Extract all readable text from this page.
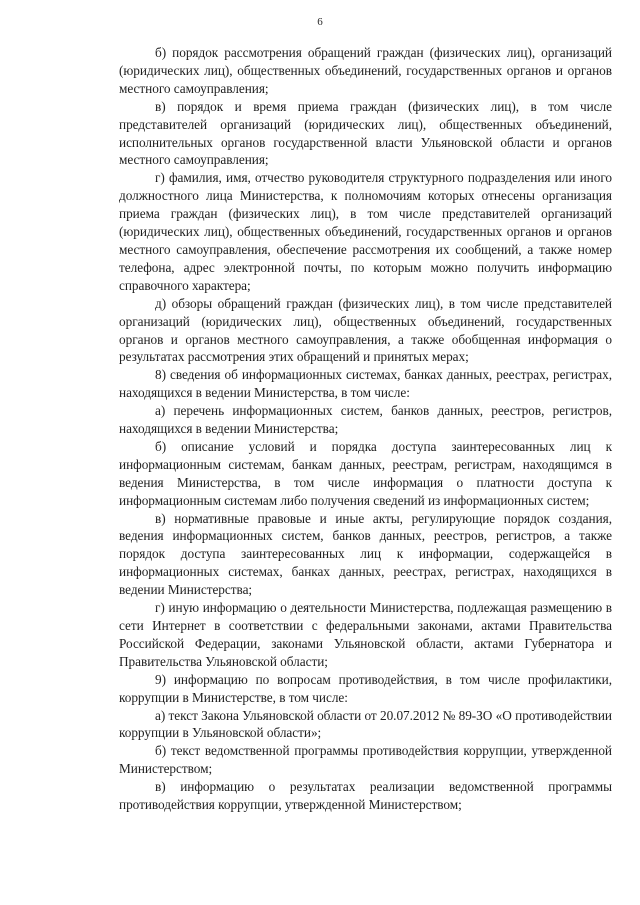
6

б) порядок рассмотрения обращений граждан (физических лиц), организаций (юридических лиц), общественных объединений, государственных органов и органов местного самоуправления;

в) порядок и время приема граждан (физических лиц), в том числе представителей организаций (юридических лиц), общественных объединений, исполнительных органов государственной власти Ульяновской области и органов местного самоуправления;

г) фамилия, имя, отчество руководителя структурного подразделения или иного должностного лица Министерства, к полномочиям которых отнесены организация приема граждан (физических лиц), в том числе представителей организаций (юридических лиц), общественных объединений, государственных органов и органов местного самоуправления, обеспечение рассмотрения их сообщений, а также номер телефона, адрес электронной почты, по которым можно получить информацию справочного характера;

д) обзоры обращений граждан (физических лиц), в том числе представителей организаций (юридических лиц), общественных объединений, государственных органов и органов местного самоуправления, а также обобщенная информация о результатах рассмотрения этих обращений и принятых мерах;

8) сведения об информационных системах, банках данных, реестрах, регистрах, находящихся в ведении Министерства, в том числе:

а) перечень информационных систем, банков данных, реестров, регистров, находящихся в ведении Министерства;

б) описание условий и порядка доступа заинтересованных лиц к информационным системам, банкам данных, реестрам, регистрам, находящимся в ведения Министерства, в том числе информация о платности доступа к информационным системам либо получения сведений из информационных систем;

в) нормативные правовые и иные акты, регулирующие порядок создания, ведения информационных систем, банков данных, реестров, регистров, а также порядок доступа заинтересованных лиц к информации, содержащейся в информационных системах, банках данных, реестрах, регистрах, находящихся в ведении Министерства;

г) иную информацию о деятельности Министерства, подлежащая размещению в сети Интернет в соответствии с федеральными законами, актами Правительства Российской Федерации, законами Ульяновской области, актами Губернатора и Правительства Ульяновской области;

9) информацию по вопросам противодействия, в том числе профилактики, коррупции в Министерстве, в том числе:

а) текст Закона Ульяновской области от 20.07.2012 № 89-ЗО «О противодействии коррупции в Ульяновской области»;

б) текст ведомственной программы противодействия коррупции, утвержденной Министерством;

в) информацию о результатах реализации ведомственной программы противодействия коррупции, утвержденной Министерством;
